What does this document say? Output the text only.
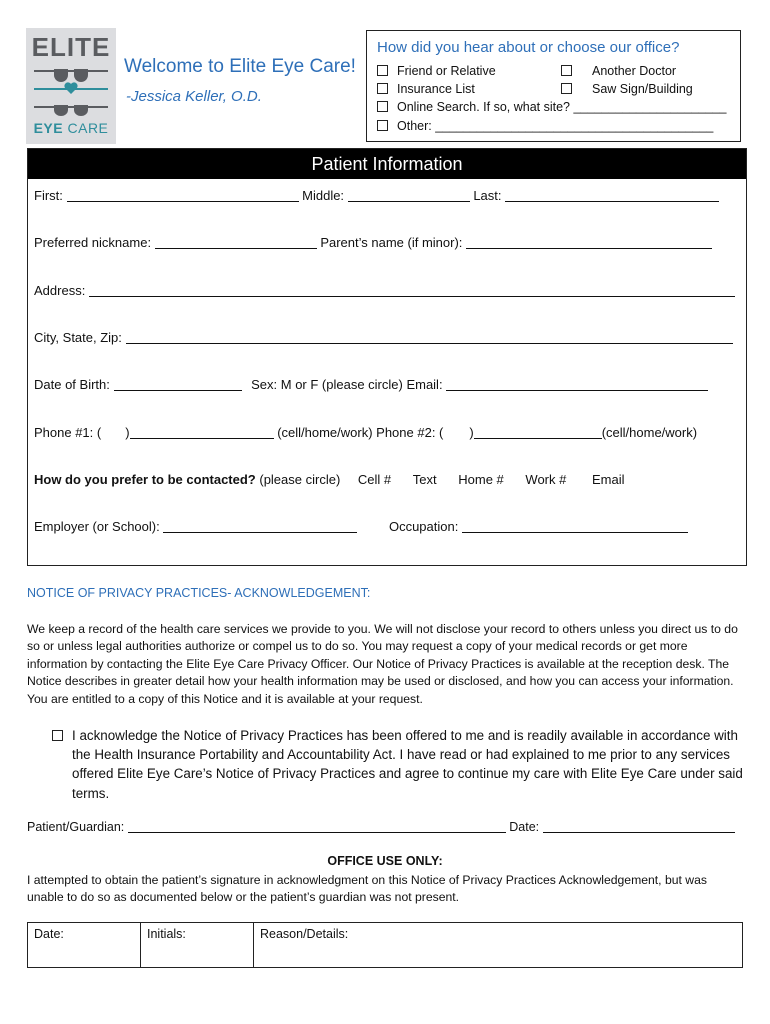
ELITE
EYE CARE
Welcome to Elite Eye Care!
-Jessica Keller, O.D.
How did you hear about or choose our office?
Friend or Relative	Another Doctor
Insurance List	Saw Sign/Building
Online Search. If so, what site? ______________________
Other: ________________________________________
Patient Information
First:	Middle:	Last:
Preferred nickname:	Parent’s name (if minor):
Address:
City, State, Zip:
Date of Birth:	Sex: M or F (please circle) Email:
Phone #1: ( )	(cell/home/work) Phone #2: ( )	(cell/home/work)
How do you prefer to be contacted? (please circle) Cell # Text Home # Work # Email
Employer (or School):	Occupation:
NOTICE OF PRIVACY PRACTICES- ACKNOWLEDGEMENT:
We keep a record of the health care services we provide to you. We will not disclose your record to others unless you direct us to do so or unless legal authorities authorize or compel us to do so. You may request a copy of your medical records or get more information by contacting the Elite Eye Care Privacy Officer. Our Notice of Privacy Practices is available at the reception desk. The Notice describes in greater detail how your health information may be used or disclosed, and how you can access your information. You are entitled to a copy of this Notice and it is available at your request.
I acknowledge the Notice of Privacy Practices has been offered to me and is readily available in accordance with the Health Insurance Portability and Accountability Act. I have read or had explained to me prior to any services offered Elite Eye Care’s Notice of Privacy Practices and agree to continue my care with Elite Eye Care under said terms.
Patient/Guardian:	Date:
OFFICE USE ONLY:
I attempted to obtain the patient’s signature in acknowledgment on this Notice of Privacy Practices Acknowledgement, but was unable to do so as documented below or the patient’s guardian was not present.
Date:	Initials:	Reason/Details:
